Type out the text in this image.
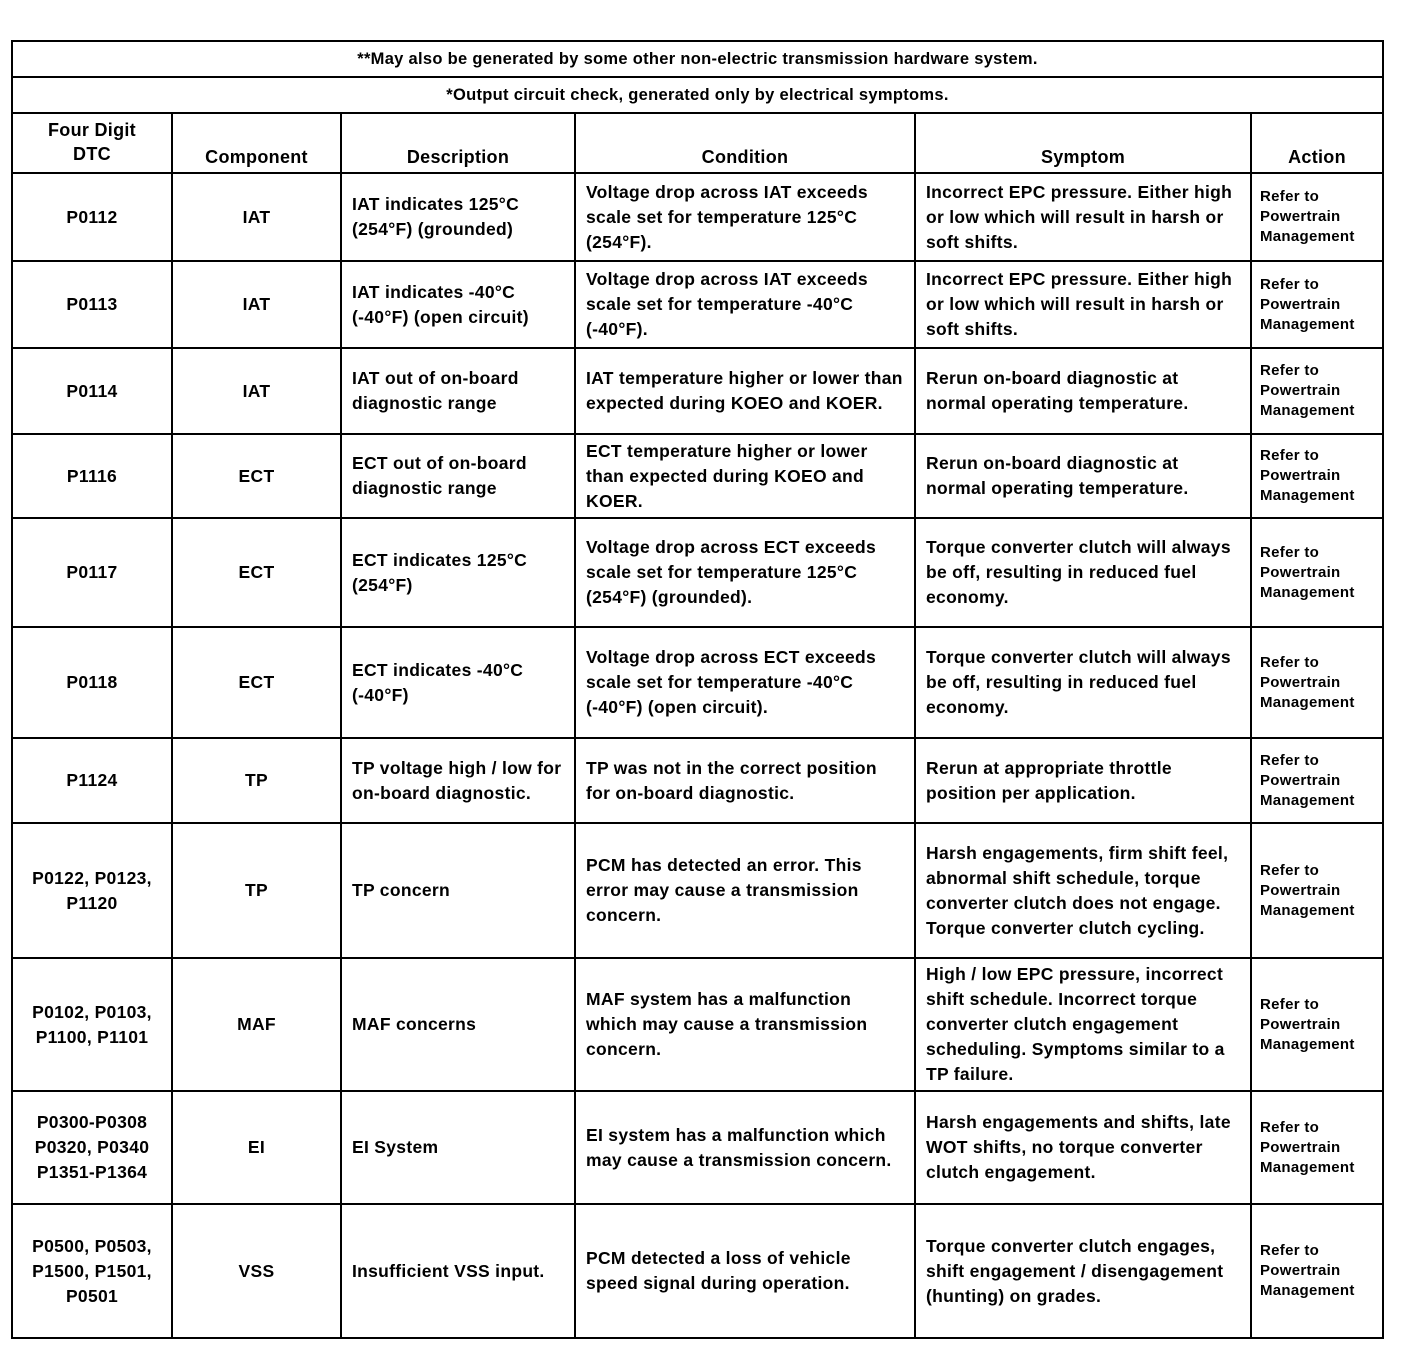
**May also be generated by some other non-electric transmission hardware system.					
*Output circuit check, generated only by electrical symptoms.					
Four Digit DTC	Component	Description	Condition	Symptom	Action
P0112	IAT	IAT indicates 125°C (254°F) (grounded)	Voltage drop across IAT exceeds scale set for temperature 125°C (254°F).	Incorrect EPC pressure. Either high or low which will result in harsh or soft shifts.	Refer to Powertrain Management
P0113	IAT	IAT indicates -40°C (-40°F) (open circuit)	Voltage drop across IAT exceeds scale set for temperature -40°C (-40°F).	Incorrect EPC pressure. Either high or low which will result in harsh or soft shifts.	Refer to Powertrain Management
P0114	IAT	IAT out of on-board diagnostic range	IAT temperature higher or lower than expected during KOEO and KOER.	Rerun on-board diagnostic at normal operating temperature.	Refer to Powertrain Management
P1116	ECT	ECT out of on-board diagnostic range	ECT temperature higher or lower than expected during KOEO and KOER.	Rerun on-board diagnostic at normal operating temperature.	Refer to Powertrain Management
P0117	ECT	ECT indicates 125°C (254°F)	Voltage drop across ECT exceeds scale set for temperature 125°C (254°F) (grounded).	Torque converter clutch will always be off, resulting in reduced fuel economy.	Refer to Powertrain Management
P0118	ECT	ECT indicates -40°C (-40°F)	Voltage drop across ECT exceeds scale set for temperature -40°C (-40°F) (open circuit).	Torque converter clutch will always be off, resulting in reduced fuel economy.	Refer to Powertrain Management
P1124	TP	TP voltage high / low for on-board diagnostic.	TP was not in the correct position for on-board diagnostic.	Rerun at appropriate throttle position per application.	Refer to Powertrain Management
P0122, P0123, P1120	TP	TP concern	PCM has detected an error. This error may cause a transmission concern.	Harsh engagements, firm shift feel, abnormal shift schedule, torque converter clutch does not engage. Torque converter clutch cycling.	Refer to Powertrain Management
P0102, P0103, P1100, P1101	MAF	MAF concerns	MAF system has a malfunction which may cause a transmission concern.	High / low EPC pressure, incorrect shift schedule. Incorrect torque converter clutch engagement scheduling. Symptoms similar to a TP failure.	Refer to Powertrain Management
P0300-P0308 P0320, P0340 P1351-P1364	EI	EI System	EI system has a malfunction which may cause a transmission concern.	Harsh engagements and shifts, late WOT shifts, no torque converter clutch engagement.	Refer to Powertrain Management
P0500, P0503, P1500, P1501, P0501	VSS	Insufficient VSS input.	PCM detected a loss of vehicle speed signal during operation.	Torque converter clutch engages, shift engagement / disengagement (hunting) on grades.	Refer to Powertrain Management
